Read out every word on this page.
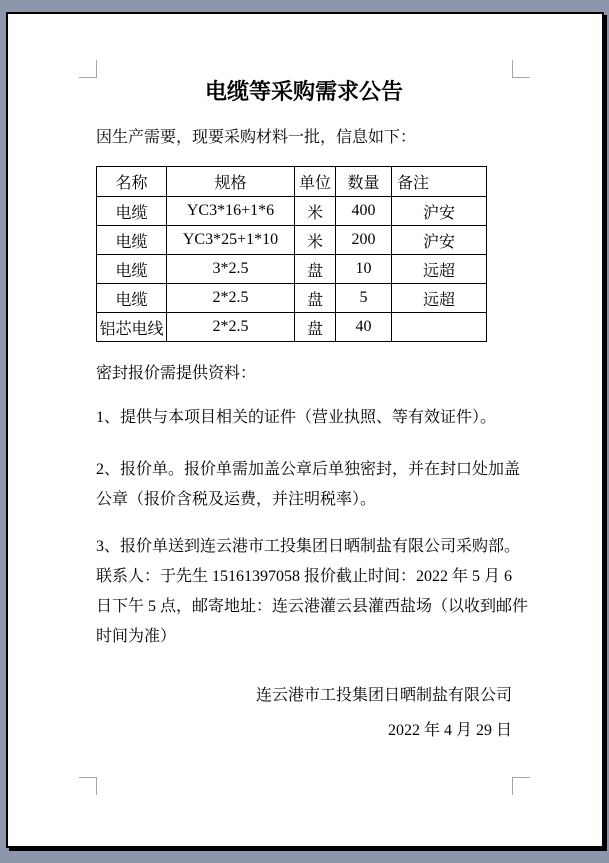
电缆等采购需求公告

因生产需要，现要采购材料一批，信息如下：

名称	规格	单位	数量	备注
电缆	YC3*16+1*6	米	400	沪安
电缆	YC3*25+1*10	米	200	沪安
电缆	3*2.5	盘	10	远超
电缆	2*2.5	盘	5	远超
铝芯电线	2*2.5	盘	40	
密封报价需提供资料：
1、提供与本项目相关的证件（营业执照、等有效证件）。
2、报价单。报价单需加盖公章后单独密封，并在封口处加盖
公章（报价含税及运费，并注明税率）。
3、报价单送到连云港市工投集团日晒制盐有限公司采购部。
联系人：于先生 15161397058 报价截止时间：2022 年 5 月 6
日下午 5 点，邮寄地址：连云港灌云县灌西盐场（以收到邮件
时间为准）

连云港市工投集团日晒制盐有限公司

2022 年 4 月 29 日
